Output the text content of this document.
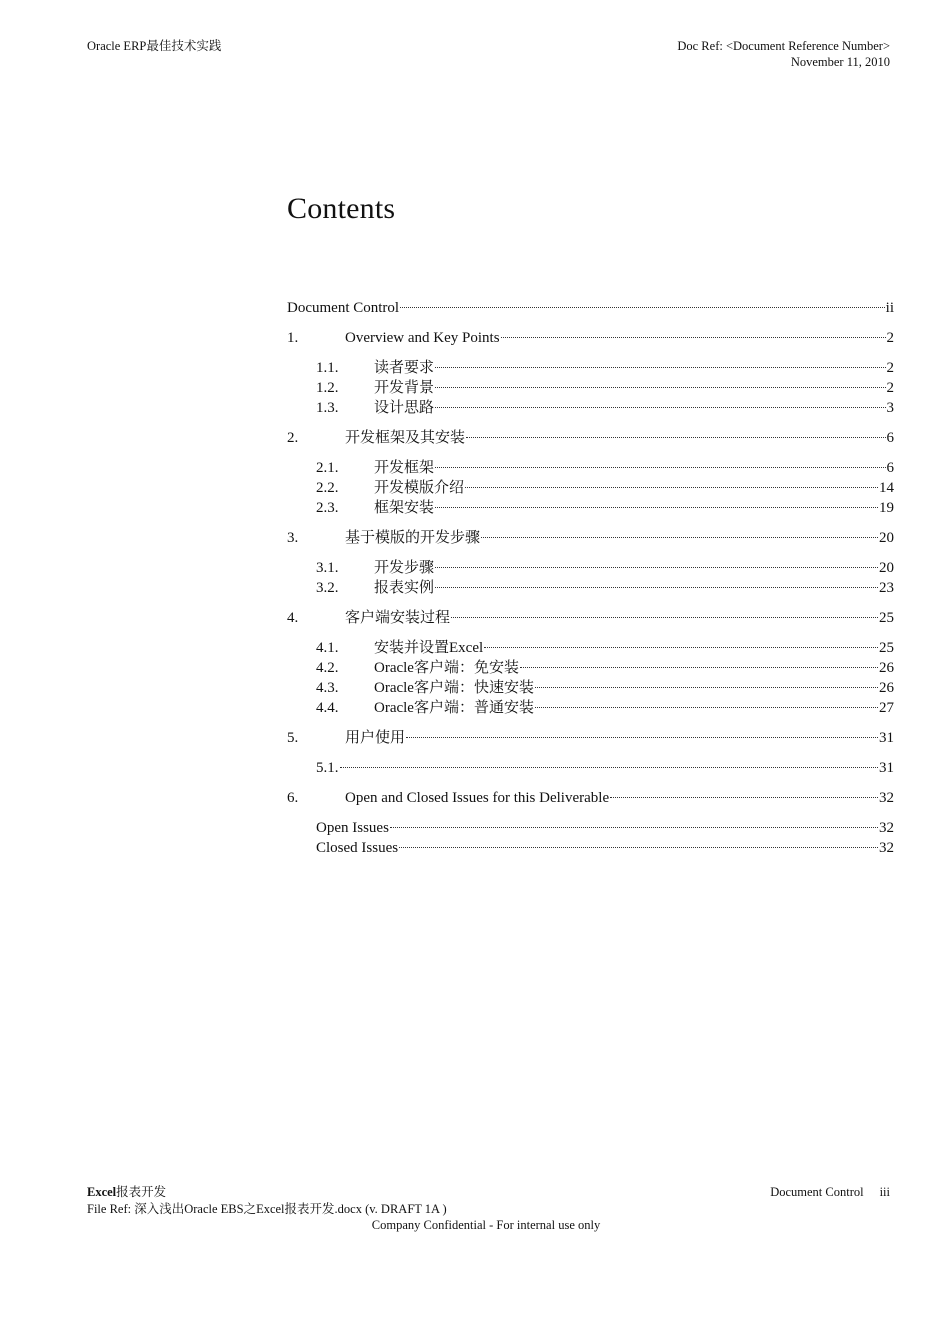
Oracle ERP最佳技术实践	Doc Ref: <Document Reference Number>
November 11, 2010
Contents
Document Control	ii
1.	Overview and Key Points	2
1.1. 读者要求	2
1.2. 开发背景	2
1.3. 设计思路	3
2.	开发框架及其安装	6
2.1. 开发框架	6
2.2. 开发模版介绍	14
2.3. 框架安装	19
3.	基于模版的开发步骤	20
3.1. 开发步骤	20
3.2. 报表实例	23
4.	客户端安装过程	25
4.1. 安装并设置Excel	25
4.2. Oracle客户端：免安装	26
4.3. Oracle客户端：快速安装	26
4.4. Oracle客户端：普通安装	27
5.	用户使用	31
5.1.	31
6.	Open and Closed Issues for this Deliverable	32
Open Issues	32
Closed Issues	32
Excel报表开发
File Ref: 深入浅出Oracle EBS之Excel报表开发.docx (v. DRAFT 1A )
Document Control iii
Company Confidential - For internal use only
